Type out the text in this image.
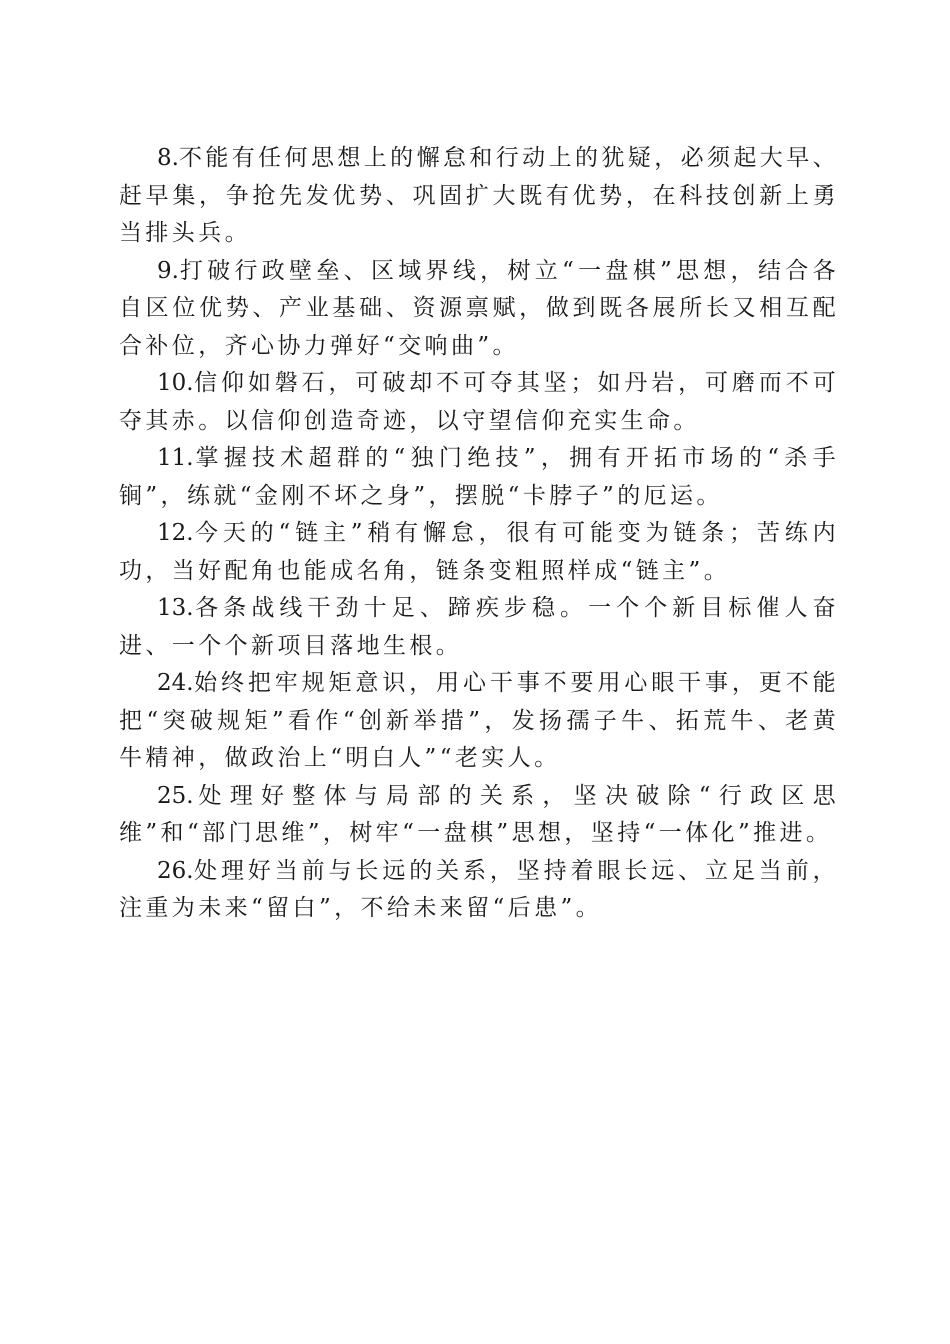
8.不能有任何思想上的懈怠和行动上的犹疑，必须起大早、赶早集，争抢先发优势、巩固扩大既有优势，在科技创新上勇当排头兵。

9.打破行政壁垒、区域界线，树立“一盘棋”思想，结合各自区位优势、产业基础、资源禀赋，做到既各展所长又相互配合补位，齐心协力弹好“交响曲”。

10.信仰如磐石，可破却不可夺其坚；如丹岩，可磨而不可夺其赤。以信仰创造奇迹，以守望信仰充实生命。

11.掌握技术超群的“独门绝技”，拥有开拓市场的“杀手锏”，练就“金刚不坏之身”，摆脱“卡脖子”的厄运。

12.今天的“链主”稍有懈怠，很有可能变为链条；苦练内功，当好配角也能成名角，链条变粗照样成“链主”。

13.各条战线干劲十足、蹄疾步稳。一个个新目标催人奋进、一个个新项目落地生根。

24.始终把牢规矩意识，用心干事不要用心眼干事，更不能把“突破规矩”看作“创新举措”，发扬孺子牛、拓荒牛、老黄牛精神，做政治上“明白人”“老实人。

25.处理好整体与局部的关系，坚决破除“行政区思维”和“部门思维”，树牢“一盘棋”思想，坚持“一体化”推进。

26.处理好当前与长远的关系，坚持着眼长远、立足当前，注重为未来“留白”，不给未来留“后患”。
